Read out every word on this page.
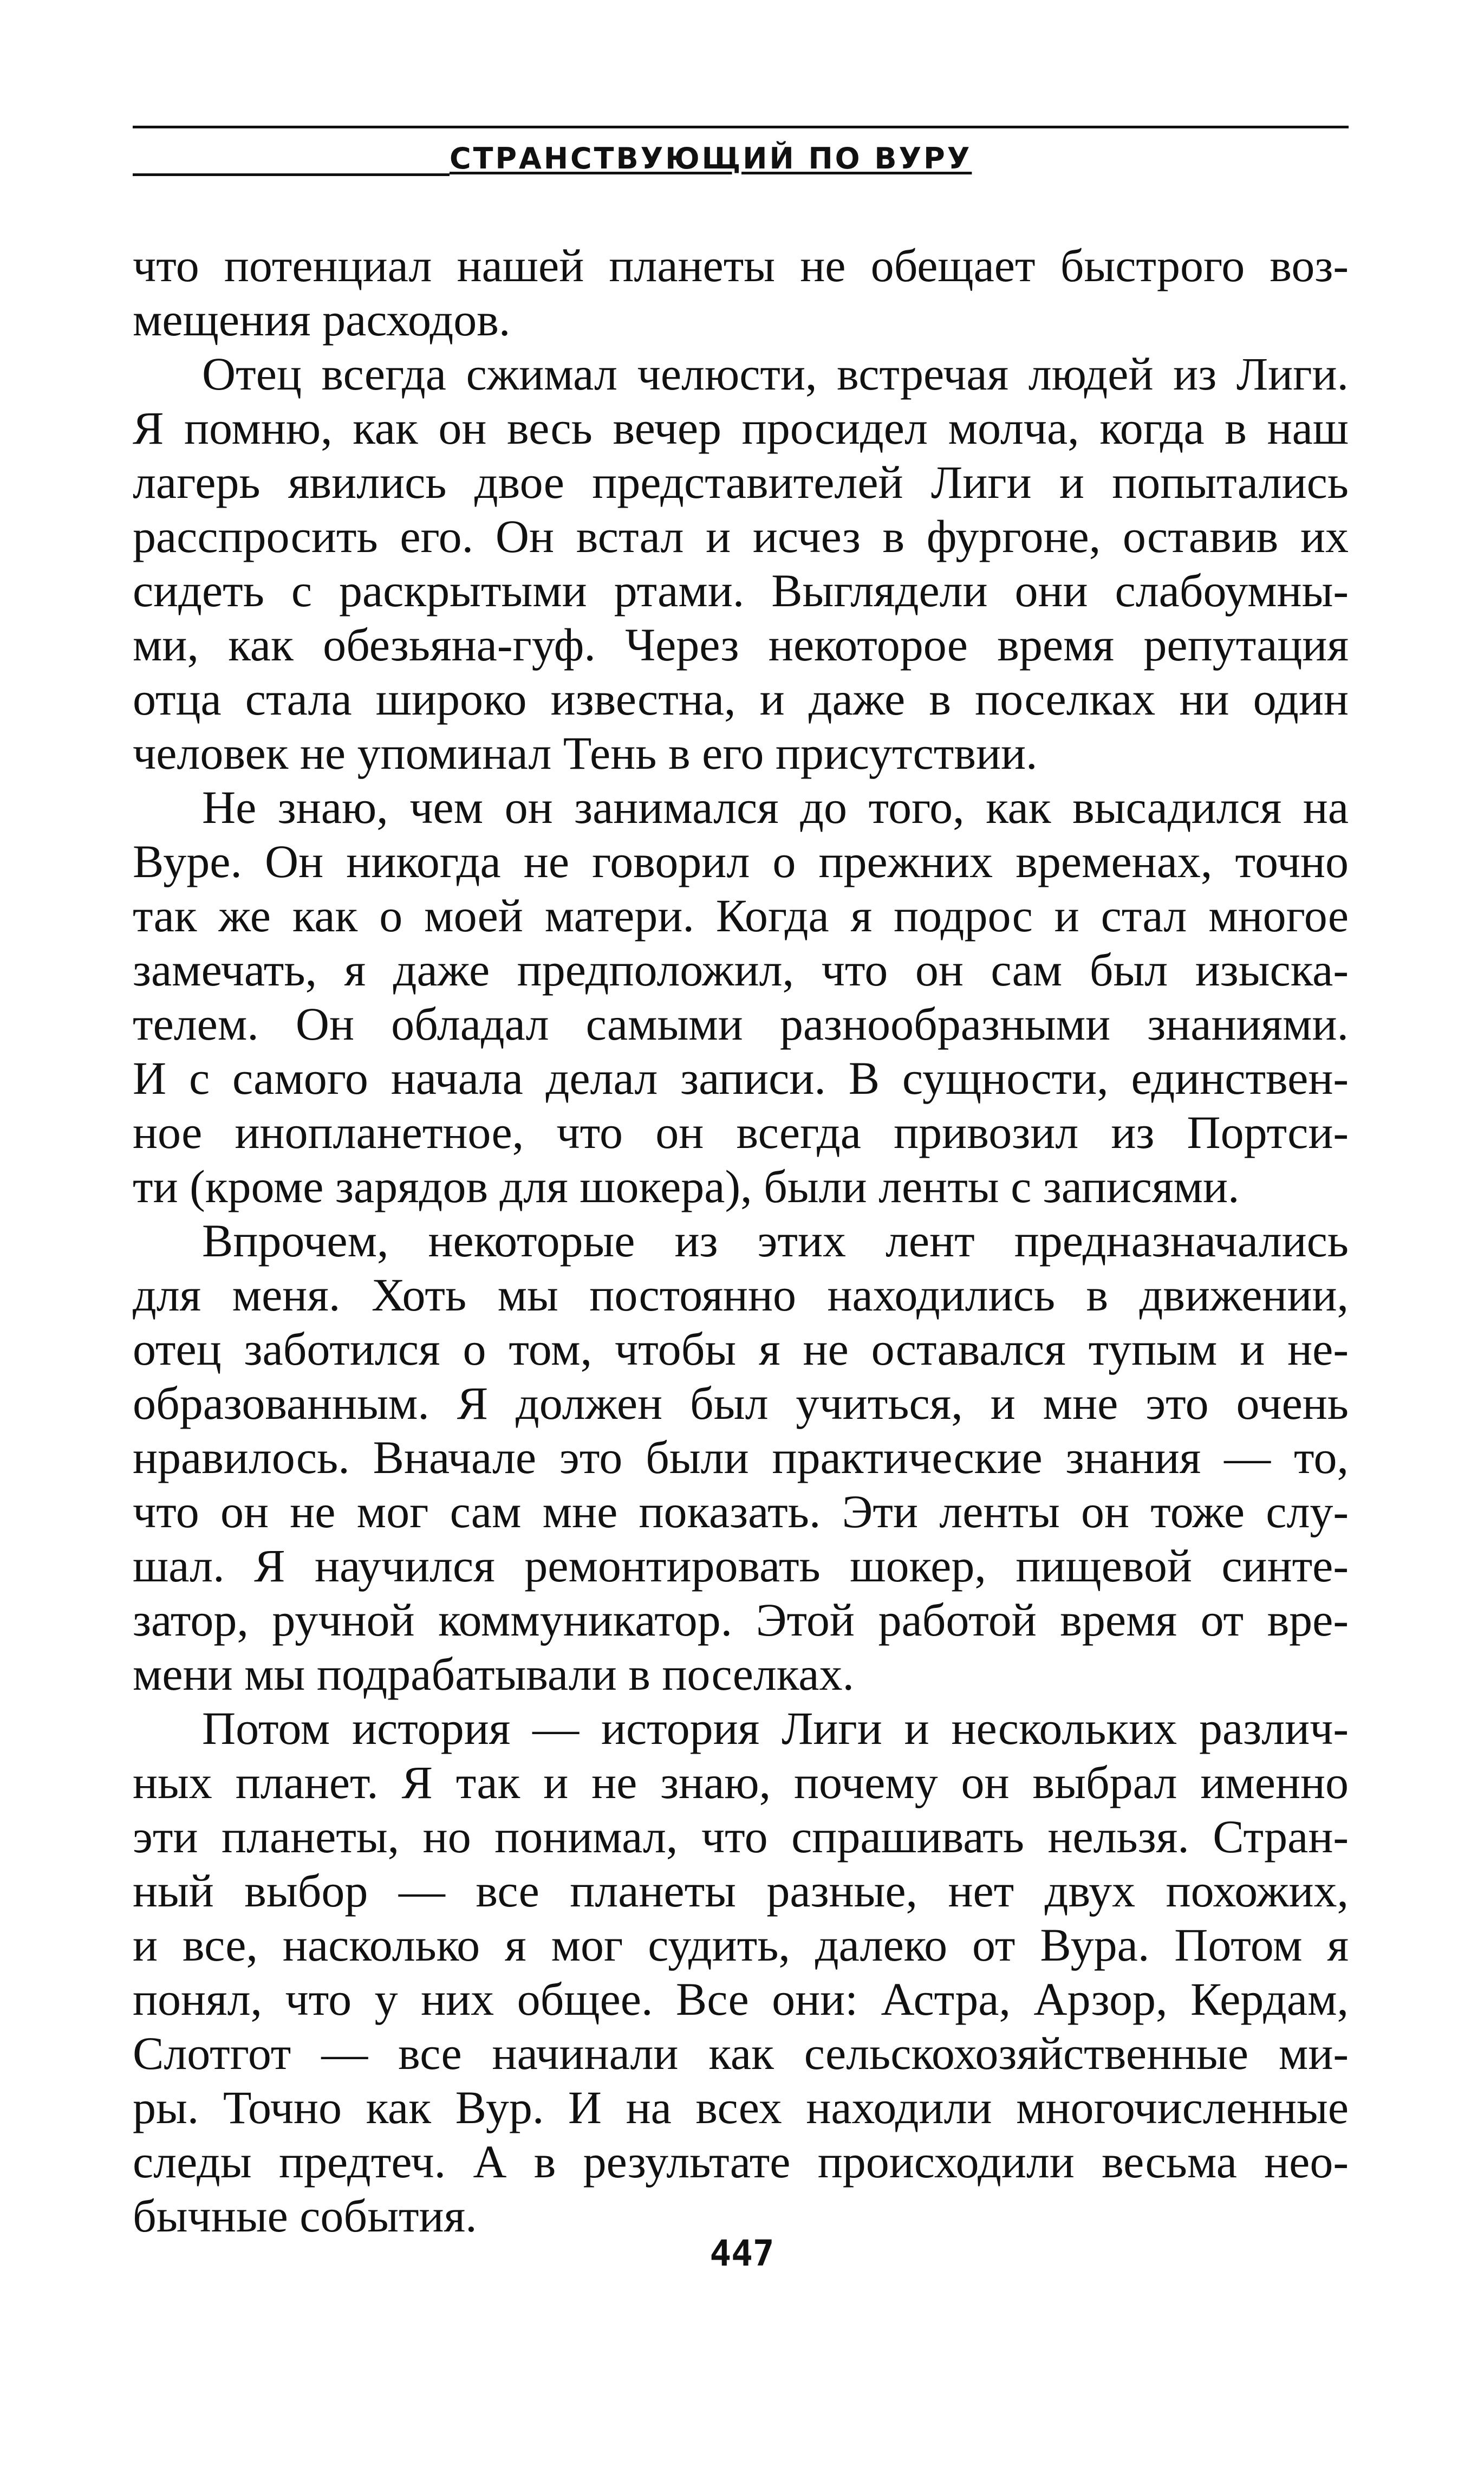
СТРАНСТВУЮЩИЙ ПО ВУРУ

что потенциал нашей планеты не обещает быстрого воз-
мещения расходов.

Отец всегда сжимал челюсти, встречая людей из Лиги.
Я помню, как он весь вечер просидел молча, когда в наш
лагерь явились двое представителей Лиги и попытались
расспросить его. Он встал и исчез в фургоне, оставив их
сидеть с раскрытыми ртами. Выглядели они слабоумны-
ми, как обезьяна-гуф. Через некоторое время репутация
отца стала широко известна, и даже в поселках ни один
человек не упоминал Тень в его присутствии.

Не знаю, чем он занимался до того, как высадился на
Вуре. Он никогда не говорил о прежних временах, точно
так же как о моей матери. Когда я подрос и стал многое
замечать, я даже предположил, что он сам был изыска-
телем. Он обладал самыми разнообразными знаниями.
И с самого начала делал записи. В сущности, единствен-
ное инопланетное, что он всегда привозил из Портси-
ти (кроме зарядов для шокера), были ленты с записями.

Впрочем, некоторые из этих лент предназначались
для меня. Хоть мы постоянно находились в движении,
отец заботился о том, чтобы я не оставался тупым и не-
образованным. Я должен был учиться, и мне это очень
нравилось. Вначале это были практические знания — то,
что он не мог сам мне показать. Эти ленты он тоже слу-
шал. Я научился ремонтировать шокер, пищевой синте-
затор, ручной коммуникатор. Этой работой время от вре-
мени мы подрабатывали в поселках.

Потом история — история Лиги и нескольких различ-
ных планет. Я так и не знаю, почему он выбрал именно
эти планеты, но понимал, что спрашивать нельзя. Стран-
ный выбор — все планеты разные, нет двух похожих,
и все, насколько я мог судить, далеко от Вура. Потом я
понял, что у них общее. Все они: Астра, Арзор, Кердам,
Слотгот — все начинали как сельскохозяйственные ми-
ры. Точно как Вур. И на всех находили многочисленные
следы предтеч. А в результате происходили весьма нео-
бычные события.

447
